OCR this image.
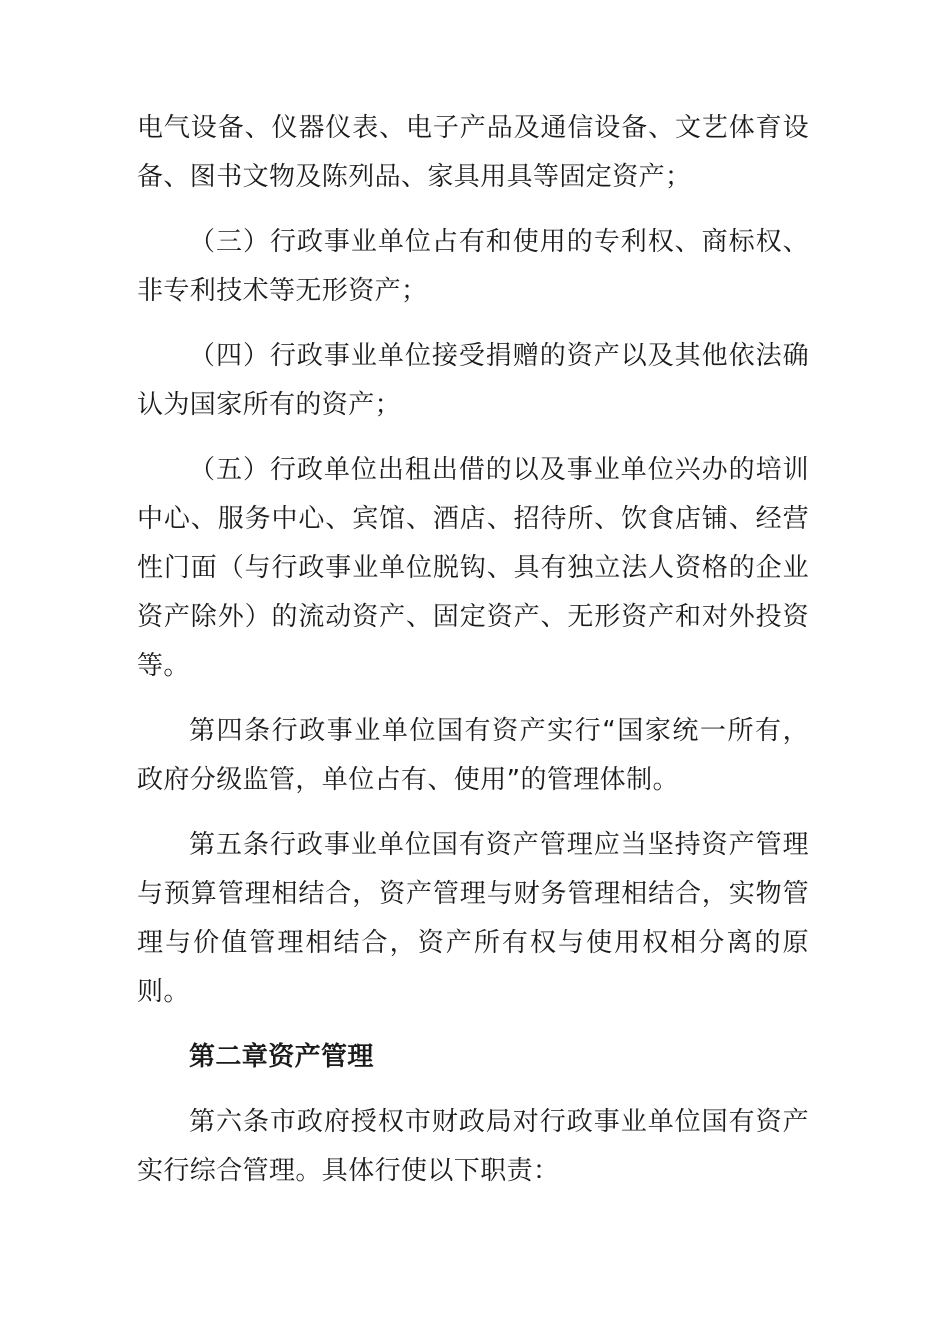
电气设备、仪器仪表、电子产品及通信设备、文艺体育设备、图书文物及陈列品、家具用具等固定资产；

（三）行政事业单位占有和使用的专利权、商标权、非专利技术等无形资产；

（四）行政事业单位接受捐赠的资产以及其他依法确认为国家所有的资产；

（五）行政单位出租出借的以及事业单位兴办的培训中心、服务中心、宾馆、酒店、招待所、饮食店铺、经营性门面（与行政事业单位脱钩、具有独立法人资格的企业资产除外）的流动资产、固定资产、无形资产和对外投资等。

第四条行政事业单位国有资产实行“国家统一所有，政府分级监管，单位占有、使用”的管理体制。

第五条行政事业单位国有资产管理应当坚持资产管理与预算管理相结合，资产管理与财务管理相结合，实物管理与价值管理相结合，资产所有权与使用权相分离的原则。

第二章资产管理

第六条市政府授权市财政局对行政事业单位国有资产实行综合管理。具体行使以下职责：
